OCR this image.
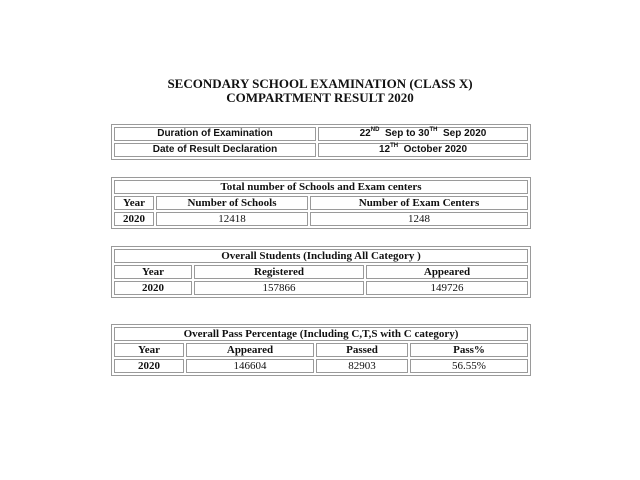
SECONDARY SCHOOL EXAMINATION (CLASS X)
COMPARTMENT RESULT 2020
Duration of Examination	22ND Sep to 30TH Sep 2020
Date of Result Declaration	12TH October 2020
Total number of Schools and Exam centers		
Year	Number of Schools	Number of Exam Centers
2020	12418	1248
Overall Students (Including All Category )		
Year	Registered	Appeared
2020	157866	149726
Overall Pass Percentage (Including C,T,S with C category)			
Year	Appeared	Passed	Pass%
2020	146604	82903	56.55%
